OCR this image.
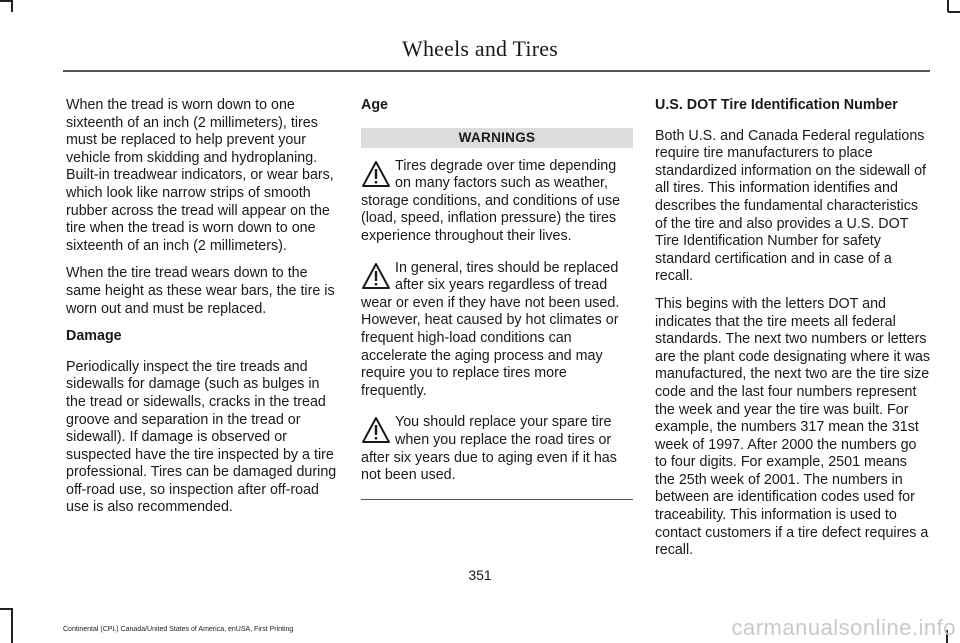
Wheels and Tires

When the tread is worn down to one sixteenth of an inch (2 millimeters), tires must be replaced to help prevent your vehicle from skidding and hydroplaning. Built-in treadwear indicators, or wear bars, which look like narrow strips of smooth rubber across the tread will appear on the tire when the tread is worn down to one sixteenth of an inch (2 millimeters).

When the tire tread wears down to the same height as these wear bars, the tire is worn out and must be replaced.

Damage

Periodically inspect the tire treads and sidewalls for damage (such as bulges in the tread or sidewalls, cracks in the tread groove and separation in the tread or sidewall). If damage is observed or suspected have the tire inspected by a tire professional. Tires can be damaged during off-road use, so inspection after off-road use is also recommended.

Age

WARNINGS
Tires degrade over time depending on many factors such as weather, storage conditions, and conditions of use (load, speed, inflation pressure) the tires experience throughout their lives.
In general, tires should be replaced after six years regardless of tread wear or even if they have not been used. However, heat caused by hot climates or frequent high-load conditions can accelerate the aging process and may require you to replace tires more frequently.
You should replace your spare tire when you replace the road tires or after six years due to aging even if it has not been used.

U.S. DOT Tire Identification Number

Both U.S. and Canada Federal regulations require tire manufacturers to place standardized information on the sidewall of all tires. This information identifies and describes the fundamental characteristics of the tire and also provides a U.S. DOT Tire Identification Number for safety standard certification and in case of a recall.

This begins with the letters DOT and indicates that the tire meets all federal standards. The next two numbers or letters are the plant code designating where it was manufactured, the next two are the tire size code and the last four numbers represent the week and year the tire was built. For example, the numbers 317 mean the 31st week of 1997. After 2000 the numbers go to four digits. For example, 2501 means the 25th week of 2001. The numbers in between are identification codes used for traceability. This information is used to contact customers if a tire defect requires a recall.

351
Continental (CPL) Canada/United States of America, enUSA, First Printing	carmanualsonline.info
